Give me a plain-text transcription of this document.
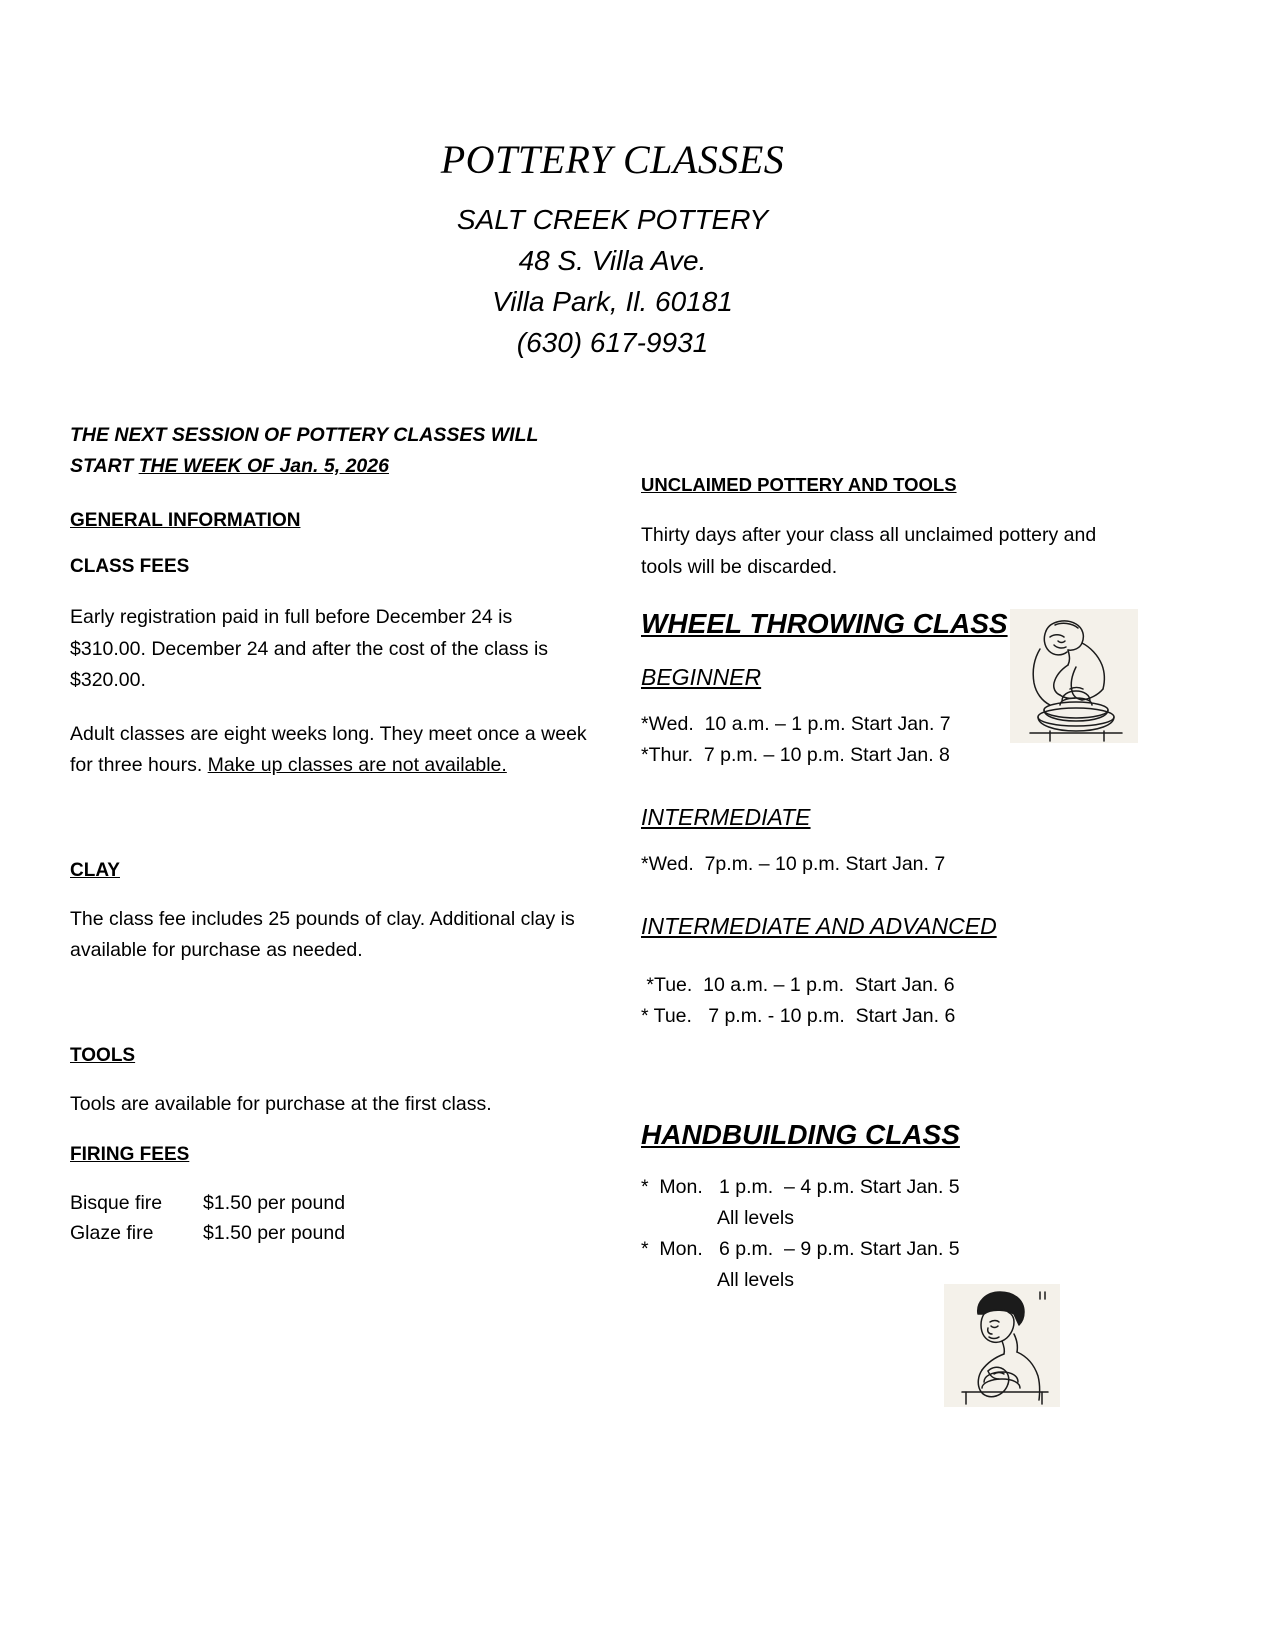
POTTERY CLASSES
SALT CREEK POTTERY
48 S. Villa Ave.
Villa Park, Il. 60181
(630) 617-9931
THE NEXT SESSION OF POTTERY CLASSES WILL
START THE WEEK OF Jan. 5, 2026
GENERAL INFORMATION
CLASS FEES

Early registration paid in full before December 24 is $310.00. December 24 and after the cost of the class is $320.00.

Adult classes are eight weeks long. They meet once a week for three hours. Make up classes are not available.

CLAY

The class fee includes 25 pounds of clay. Additional clay is available for purchase as needed.

TOOLS

Tools are available for purchase at the first class.

FIRING FEES
Bisque fire	$1.50 per pound
Glaze fire	$1.50 per pound
UNCLAIMED POTTERY AND TOOLS

Thirty days after your class all unclaimed pottery and tools will be discarded.

WHEEL THROWING CLASS
BEGINNER

*Wed.  10 a.m. – 1 p.m. Start Jan. 7

*Thur.  7 p.m. – 10 p.m. Start Jan. 8

INTERMEDIATE

*Wed.  7p.m. – 10 p.m. Start Jan. 7

INTERMEDIATE AND ADVANCED

*Tue.  10 a.m. – 1 p.m.  Start Jan. 6

* Tue.   7 p.m. - 10 p.m.  Start Jan. 6

HANDBUILDING CLASS

*  Mon.   1 p.m.  – 4 p.m. Start Jan. 5

All levels

*  Mon.   6 p.m.  – 9 p.m. Start Jan. 5

All levels
